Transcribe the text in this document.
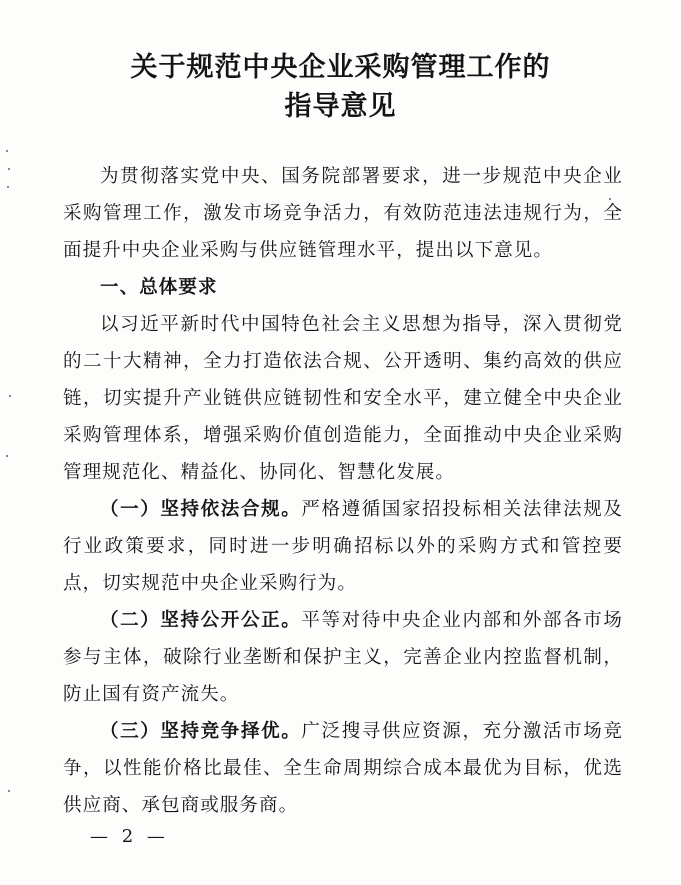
关于规范中央企业采购管理工作的
指导意见

为贯彻落实党中央、国务院部署要求，进一步规范中央企业采购管理工作，激发市场竞争活力，有效防范违法违规行为，全面提升中央企业采购与供应链管理水平，提出以下意见。

一、总体要求

以习近平新时代中国特色社会主义思想为指导，深入贯彻党的二十大精神，全力打造依法合规、公开透明、集约高效的供应链，切实提升产业链供应链韧性和安全水平，建立健全中央企业采购管理体系，增强采购价值创造能力，全面推动中央企业采购管理规范化、精益化、协同化、智慧化发展。

（一）坚持依法合规。严格遵循国家招投标相关法律法规及行业政策要求，同时进一步明确招标以外的采购方式和管控要点，切实规范中央企业采购行为。

（二）坚持公开公正。平等对待中央企业内部和外部各市场参与主体，破除行业垄断和保护主义，完善企业内控监督机制，防止国有资产流失。

（三）坚持竞争择优。广泛搜寻供应资源，充分激活市场竞争，以性能价格比最佳、全生命周期综合成本最优为目标，优选供应商、承包商或服务商。

— 2 —
